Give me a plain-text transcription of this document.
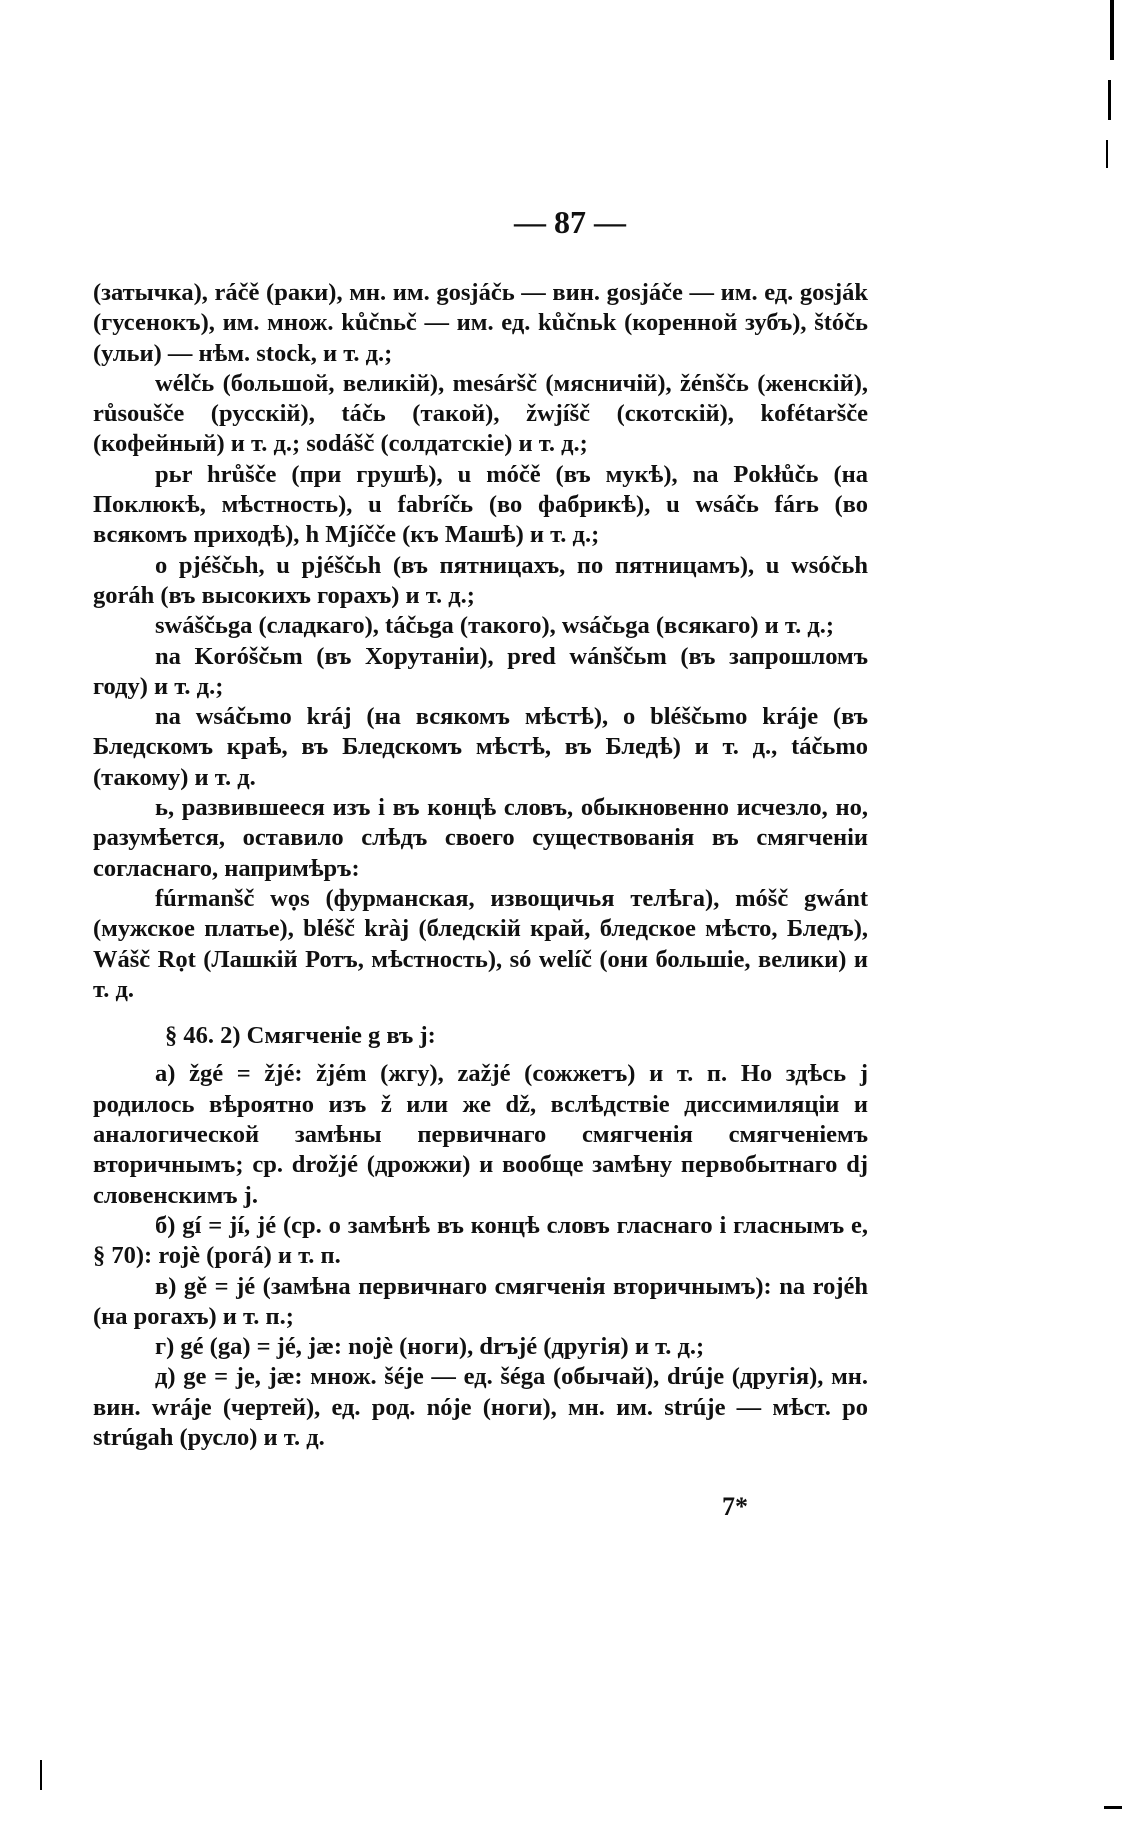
— 87 —

(затычка), ráčě (раки), мн. им. gosjáčь — вин. gosjáče — им. ед. gosják (гусенокъ), им. множ. kůčnьč — им. ед. kůčnьk (коренной зубъ), štóčь (ульи) — нѣм. stock, и т. д.;

wélčь (большой, великій), mesáršč (мясничій), žénščь (женскій), růsoušče (русскій), táčь (такой), žwjíšč (скотскій), kofétaršče (кофейный) и т. д.; sodášč (солдатскіе) и т. д.;

pьr hrůšče (при грушѣ), u móčě (въ мукѣ), na Pokłůčь (на Поклюкѣ, мѣстность), u fabríčь (во фабрикѣ), u wsáčь fárь (во всякомъ приходѣ), h Mjíčče (къ Машѣ) и т. д.;

o pjéščьh, u pjéščьh (въ пятницахъ, по пятницамъ), u wsóčьh goráh (въ высокихъ горахъ) и т. д.;

swáščьga (сладкаго), táčьga (такого), wsáčьga (всякаго) и т. д.;

na Koróščьm (въ Хорутаніи), pred wánščьm (въ запрошломъ году) и т. д.;

na wsáčьmo kráj (на всякомъ мѣстѣ), o bléščьmo kráje (въ Бледскомъ краѣ, въ Бледскомъ мѣстѣ, въ Бледѣ) и т. д., táčьmo (такому) и т. д.

ь, развившееся изъ і въ концѣ словъ, обыкновенно исчезло, но, разумѣется, оставило слѣдъ своего существованія въ смягченіи согласнаго, напримѣръ:

fúrmanšč wọs (фурманская, извощичья телѣга), móšč gwánt (мужское платье), bléšč kràj (бледскій край, бледское мѣсто, Бледъ), Wášč Rọt (Лашкій Ротъ, мѣстность), só welíč (они большіе, велики) и т. д.

§ 46. 2) Смягченіе g въ j:

a) žgé = žjé: žjém (жгу), zažjé (сожжетъ) и т. п. Но здѣсь j родилось вѣроятно изъ ž или же dž, вслѣдствіе диссимиляціи и аналогической замѣны первичнаго смягченія смягченіемъ вторичнымъ; ср. drožjé (дрожжи) и вообще замѣну первобытнаго dj словенскимъ j.

б) gí = jí, jé (ср. о замѣнѣ въ концѣ словъ гласнаго і гласнымъ е, § 70): rojè (рогá) и т. п.

в) gě = jé (замѣна первичнаго смягченія вторичнымъ): na rojéh (на рогахъ) и т. п.;

г) gé (ga) = jé, jæ: nojè (ноги), drъjé (другія) и т. д.;

д) ge = je, jæ: множ. šéje — ед. šéga (обычай), drúje (другія), мн. вин. wráje (чертей), ед. род. nóje (ноги), мн. им. strúje — мѣст. po strúgah (русло) и т. д.

7*
